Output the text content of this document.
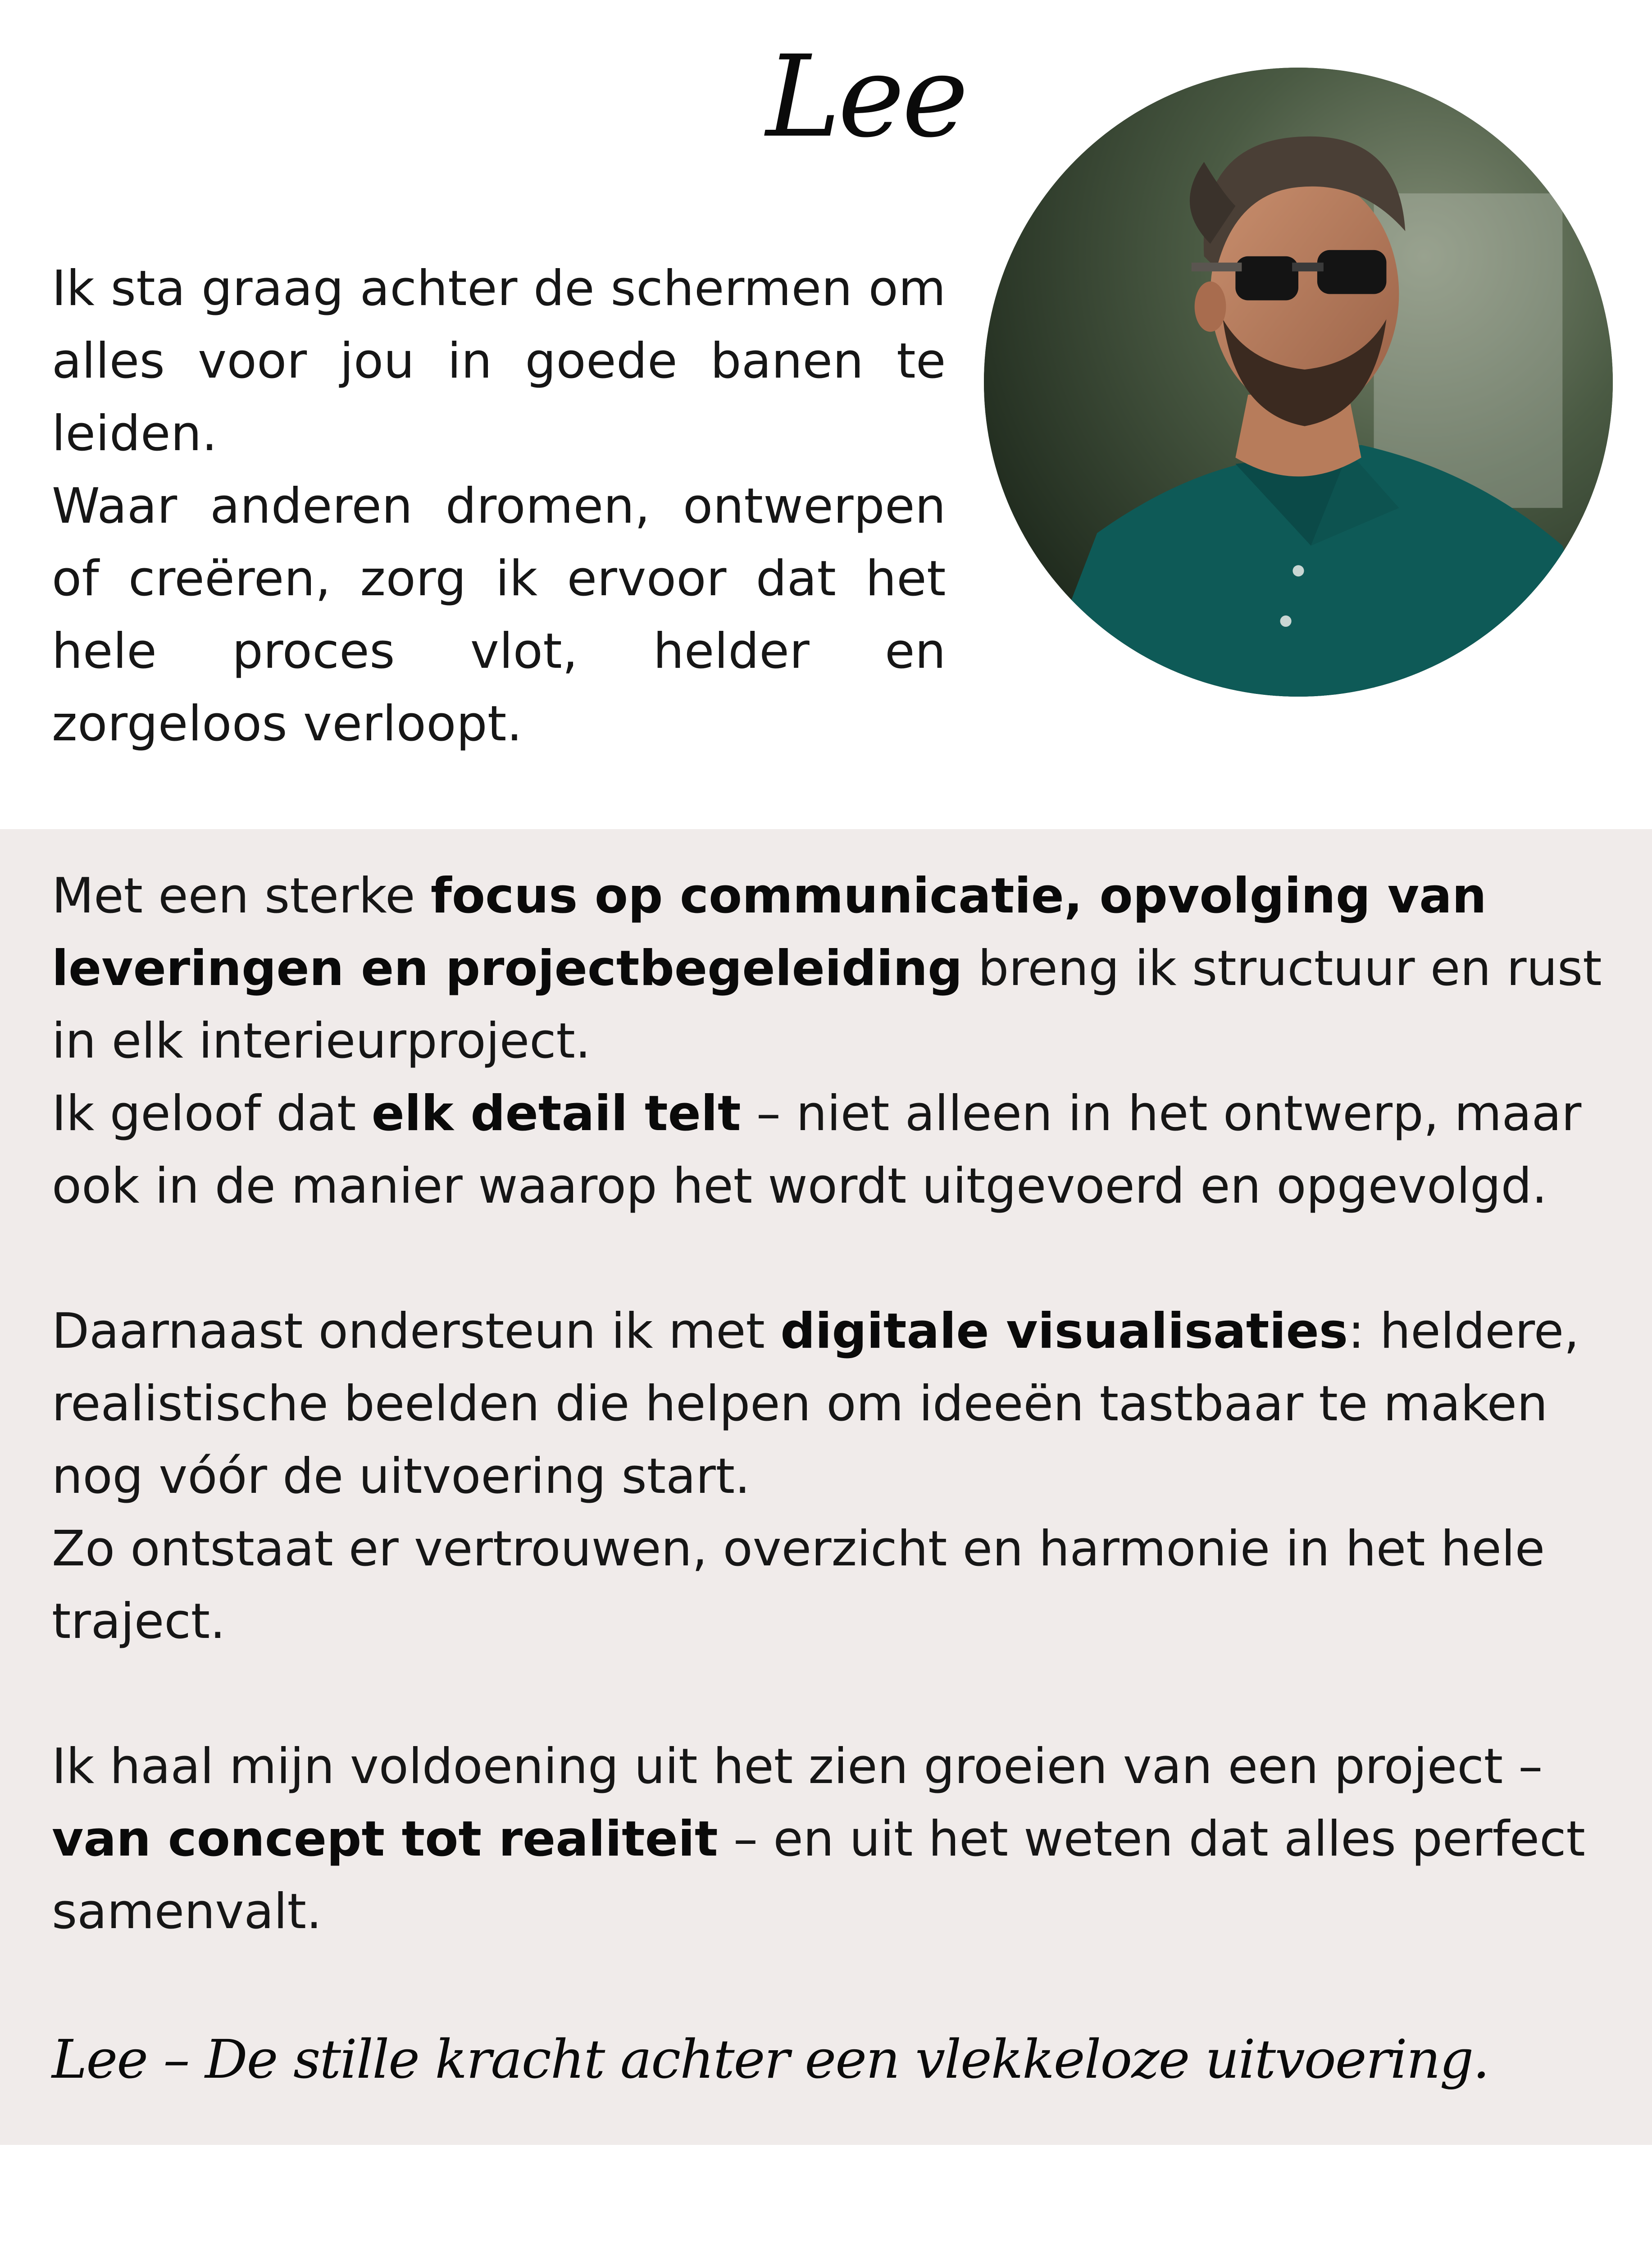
Lee

Ik sta graag achter de schermen om alles voor jou in goede banen te leiden.

Waar anderen dromen, ontwerpen of creëren, zorg ik ervoor dat het hele proces vlot, helder en zorgeloos verloopt.

Met een sterke focus op communicatie, opvolging van leveringen en projectbegeleiding breng ik structuur en rust in elk interieurproject.

Ik geloof dat elk detail telt – niet alleen in het ontwerp, maar ook in de manier waarop het wordt uitgevoerd en opgevolgd.

Daarnaast ondersteun ik met digitale visualisaties: heldere, realistische beelden die helpen om ideeën tastbaar te maken nog vóór de uitvoering start.

Zo ontstaat er vertrouwen, overzicht en harmonie in het hele traject.

Ik haal mijn voldoening uit het zien groeien van een project – van concept tot realiteit – en uit het weten dat alles perfect samenvalt.

Lee – De stille kracht achter een vlekkeloze uitvoering.
